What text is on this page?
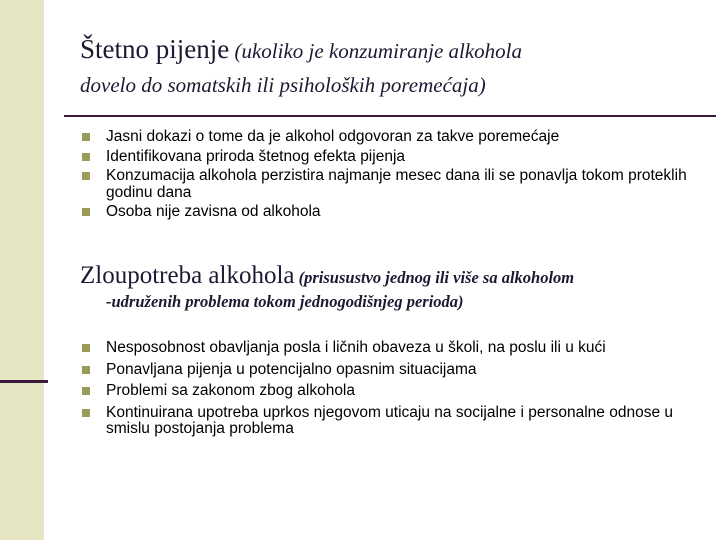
Štetno pijenje (ukoliko je konzumiranje alkohola
dovelo do somatskih ili psiholoških poremećaja)
Jasni dokazi o tome da je alkohol odgovoran za takve poremećaje
Identifikovana priroda štetnog efekta pijenja
Konzumacija alkohola perzistira najmanje mesec dana ili se ponavlja tokom proteklih godinu dana
Osoba nije zavisna od alkohola
Zloupotreba alkohola (prisusustvo jednog ili više sa alkoholom
-udruženih problema tokom jednogodišnjeg perioda)
Nesposobnost obavljanja posla i ličnih obaveza u školi, na poslu ili u kući
Ponavljana pijenja u potencijalno opasnim situacijama
Problemi sa zakonom zbog alkohola
Kontinuirana upotreba uprkos njegovom uticaju na socijalne i personalne odnose u smislu postojanja problema
